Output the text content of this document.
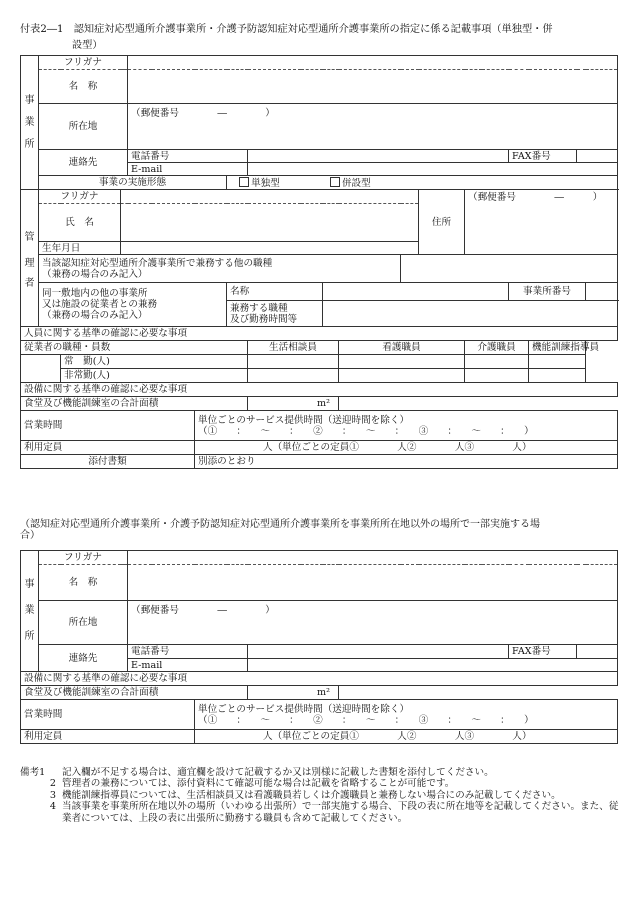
付表2―1　認知症対応型通所介護事業所・介護予防認知症対応型通所介護事業所の指定に係る記載事項（単独型・併
設型）
事
業
所	フリガナ															
	名　称															
	所在地			（郵便番号　　　　―　　　　）												
	連絡先			電話番号									FAX番号			
				E-mail												
	事業の実施形態					単独型 併設型										

管
理
者	フリガナ										住所	（郵便番号　　　　―　　　）				
	氏　名															
	生年月日															

	当該認知症対応型通所介護事業所で兼務する他の職種
（兼務の場合のみ記入）															

	同一敷地内の他の事業所
又は施設の従業者との兼務
（兼務の場合のみ記入）					名称							事業所番号			

						兼務する職種
及び勤務時間等										

人員に関する基準の確認に必要な事項																
従業者の職種・員数							生活相談員		看護職員			介護職員		機能訓練指導員		
		常　勤(人)														
		非常勤(人)														
設備に関する基準の確認に必要な事項																
食堂及び機能訓練室の合計面積							m²									
営業時間					単位ごとのサービス提供時間（送迎時間を除く）
（①　　：　　～　　：　　②　　：　　～　　：　　③　　：　　～　　：　　）											

利用定員					人（単位ごとの定員①　　　　人②　　　　人③　　　　人）											
添付書類					別添のとおり											
（認知症対応型通所介護事業所・介護予防認知症対応型通所介護事業所を事業所所在地以外の場所で一部実施する場
合）
事
業
所	フリガナ						
	名　称						
	所在地	（郵便番号　　　　―　　　　）					
	連絡先	電話番号				FAX番号	
		E-mail					
設備に関する基準の確認に必要な事項							
食堂及び機能訓練室の合計面積				m²			
営業時間			単位ごとのサービス提供時間（送迎時間を除く）
（①　　：　　～　　：　　②　　：　　～　　：　　③　　：　　～　　：　　）				

利用定員			人（単位ごとの定員①　　　　人②　　　　人③　　　　人）				
備考1	記入欄が不足する場合は、適宜欄を設けて記載するか又は別様に記載した書類を添付してください。
2 管理者の兼務については、添付資料にて確認可能な場合は記載を省略することが可能です。
3 機能訓練指導員については、生活相談員又は看護職員若しくは介護職員と兼務しない場合にのみ記載してください。
4 当該事業を事業所所在地以外の場所（いわゆる出張所）で一部実施する場合、下段の表に所在地等を記載してください。また、従業者については、上段の表に出張所に勤務する職員も含めて記載してください。
